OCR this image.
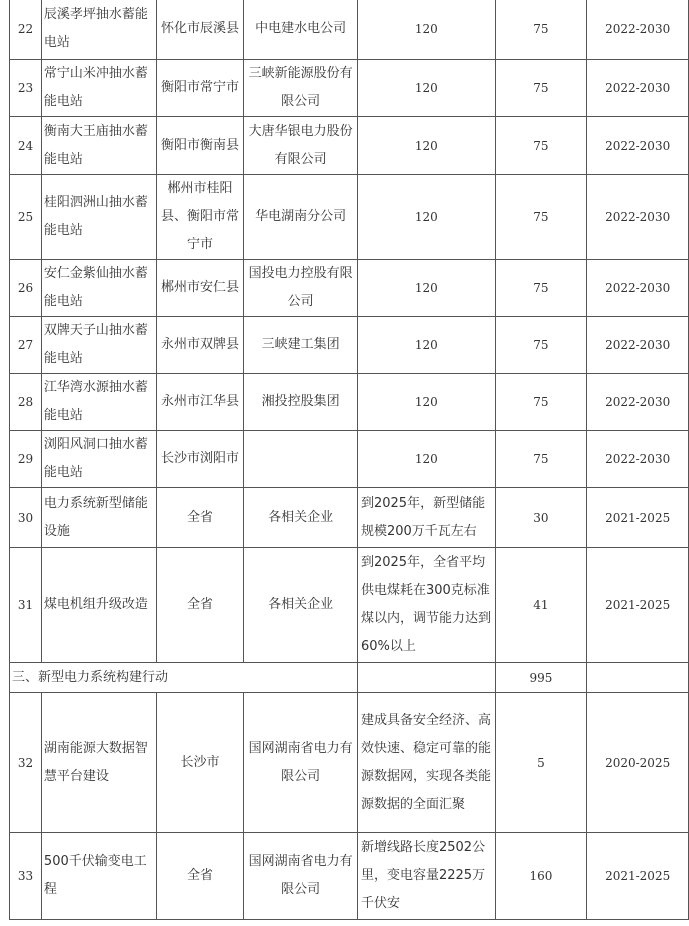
22	辰溪孝坪抽水蓄能电站	怀化市辰溪县	中电建水电公司	120	75	2022-2030
23	常宁山米冲抽水蓄能电站	衡阳市常宁市	三峡新能源股份有限公司	120	75	2022-2030
24	衡南大王庙抽水蓄能电站	衡阳市衡南县	大唐华银电力股份有限公司	120	75	2022-2030
25	桂阳泗洲山抽水蓄能电站	郴州市桂阳县、衡阳市常宁市	华电湖南分公司	120	75	2022-2030
26	安仁金紫仙抽水蓄能电站	郴州市安仁县	国投电力控股有限公司	120	75	2022-2030
27	双牌天子山抽水蓄能电站	永州市双牌县	三峡建工集团	120	75	2022-2030
28	江华湾水源抽水蓄能电站	永州市江华县	湘投控股集团	120	75	2022-2030
29	浏阳风洞口抽水蓄能电站	长沙市浏阳市		120	75	2022-2030
30	电力系统新型储能设施	全省	各相关企业	到2025年，新型储能规模200万千瓦左右	30	2021-2025
31	煤电机组升级改造	全省	各相关企业	到2025年，全省平均供电煤耗在300克标准煤以内，调节能力达到60%以上	41	2021-2025
三、新型电力系统构建行动					995	
32	湖南能源大数据智慧平台建设	长沙市	国网湖南省电力有限公司	建成具备安全经济、高效快速、稳定可靠的能源数据网，实现各类能源数据的全面汇聚	5	2020-2025
33	500千伏输变电工程	全省	国网湖南省电力有限公司	新增线路长度2502公里，变电容量2225万千伏安	160	2021-2025
